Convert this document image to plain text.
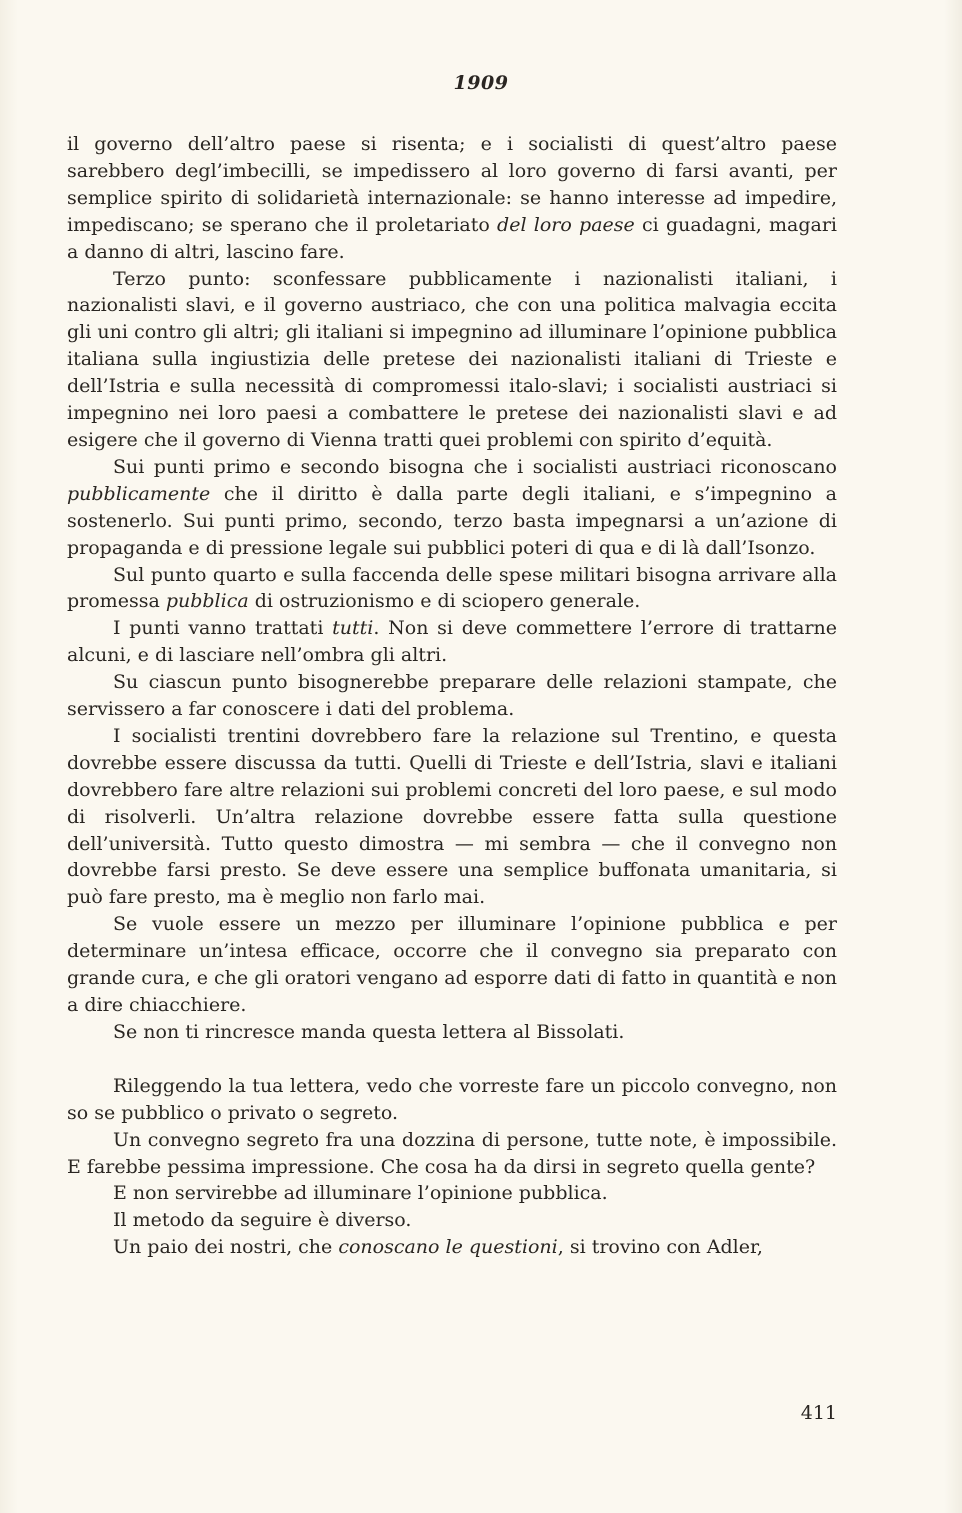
1909

il governo dell’altro paese si risenta; e i socialisti di quest’altro paese sarebbero degl’imbecilli, se impedissero al loro governo di farsi avanti, per semplice spirito di solidarietà internazionale: se hanno interesse ad impedire, impediscano; se sperano che il proletariato del loro paese ci guadagni, magari a danno di altri, lascino fare.

Terzo punto: sconfessare pubblicamente i nazionalisti italiani, i nazionalisti slavi, e il governo austriaco, che con una politica malvagia eccita gli uni contro gli altri; gli italiani si impegnino ad illuminare l’opinione pubblica italiana sulla ingiustizia delle pretese dei nazionalisti italiani di Trieste e dell’Istria e sulla necessità di compromessi italo-slavi; i socialisti austriaci si impegnino nei loro paesi a combattere le pretese dei nazionalisti slavi e ad esigere che il governo di Vienna tratti quei problemi con spirito d’equità.

Sui punti primo e secondo bisogna che i socialisti austriaci riconoscano pubblicamente che il diritto è dalla parte degli italiani, e s’impegnino a sostenerlo. Sui punti primo, secondo, terzo basta impegnarsi a un’azione di propaganda e di pressione legale sui pubblici poteri di qua e di là dall’Isonzo.

Sul punto quarto e sulla faccenda delle spese militari bisogna arrivare alla promessa pubblica di ostruzionismo e di sciopero generale.

I punti vanno trattati tutti. Non si deve commettere l’errore di trattarne alcuni, e di lasciare nell’ombra gli altri.

Su ciascun punto bisognerebbe preparare delle relazioni stampate, che servissero a far conoscere i dati del problema.

I socialisti trentini dovrebbero fare la relazione sul Trentino, e questa dovrebbe essere discussa da tutti. Quelli di Trieste e dell’Istria, slavi e italiani dovrebbero fare altre relazioni sui problemi concreti del loro paese, e sul modo di risolverli. Un’altra relazione dovrebbe essere fatta sulla questione dell’università. Tutto questo dimostra — mi sembra — che il convegno non dovrebbe farsi presto. Se deve essere una semplice buffonata umanitaria, si può fare presto, ma è meglio non farlo mai.

Se vuole essere un mezzo per illuminare l’opinione pubblica e per determinare un’intesa efficace, occorre che il convegno sia preparato con grande cura, e che gli oratori vengano ad esporre dati di fatto in quantità e non a dire chiacchiere.

Se non ti rincresce manda questa lettera al Bissolati.

Rileggendo la tua lettera, vedo che vorreste fare un piccolo convegno, non so se pubblico o privato o segreto.

Un convegno segreto fra una dozzina di persone, tutte note, è impossibile. E farebbe pessima impressione. Che cosa ha da dirsi in segreto quella gente?

E non servirebbe ad illuminare l’opinione pubblica.

Il metodo da seguire è diverso.

Un paio dei nostri, che conoscano le questioni, si trovino con Adler,

411
